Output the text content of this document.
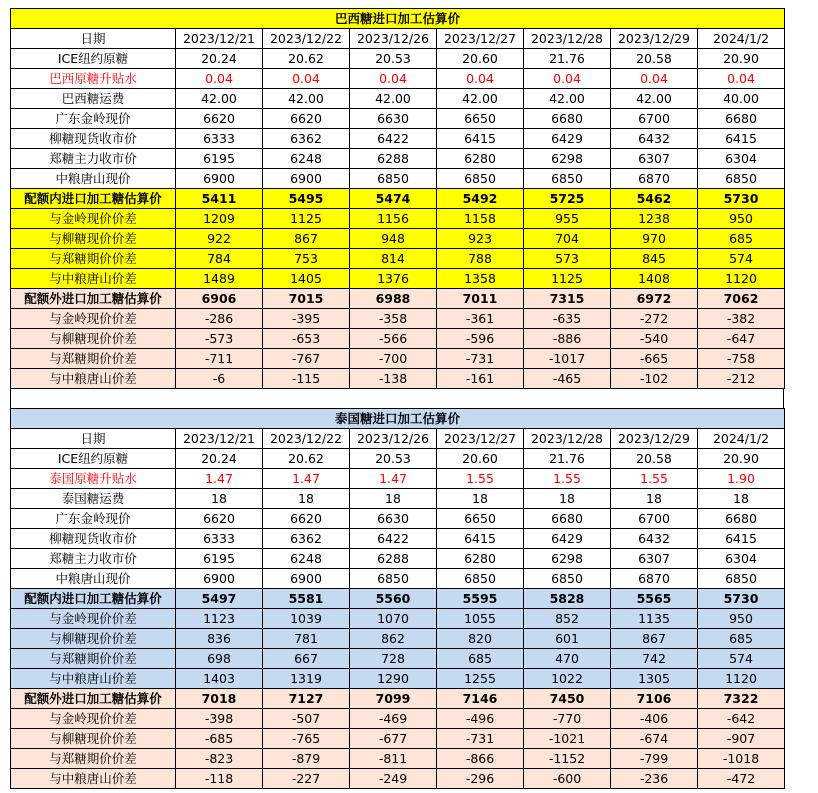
巴西糖进口加工估算价							
日期	2023/12/21	2023/12/22	2023/12/26	2023/12/27	2023/12/28	2023/12/29	2024/1/2
ICE纽约原糖	20.24	20.62	20.53	20.60	21.76	20.58	20.90
巴西原糖升贴水	0.04	0.04	0.04	0.04	0.04	0.04	0.04
巴西糖运费	42.00	42.00	42.00	42.00	42.00	42.00	40.00
广东金岭现价	6620	6620	6630	6650	6680	6700	6680
柳糖现货收市价	6333	6362	6422	6415	6429	6432	6415
郑糖主力收市价	6195	6248	6288	6280	6298	6307	6304
中粮唐山现价	6900	6900	6850	6850	6850	6870	6850
配额内进口加工糖估算价	5411	5495	5474	5492	5725	5462	5730
与金岭现价价差	1209	1125	1156	1158	955	1238	950
与柳糖现价价差	922	867	948	923	704	970	685
与郑糖期价价差	784	753	814	788	573	845	574
与中粮唐山价差	1489	1405	1376	1358	1125	1408	1120
配额外进口加工糖估算价	6906	7015	6988	7011	7315	6972	7062
与金岭现价价差	-286	-395	-358	-361	-635	-272	-382
与柳糖现价价差	-573	-653	-566	-596	-886	-540	-647
与郑糖期价价差	-711	-767	-700	-731	-1017	-665	-758
与中粮唐山价差	-6	-115	-138	-161	-465	-102	-212
泰国糖进口加工估算价							
日期	2023/12/21	2023/12/22	2023/12/26	2023/12/27	2023/12/28	2023/12/29	2024/1/2
ICE纽约原糖	20.24	20.62	20.53	20.60	21.76	20.58	20.90
泰国原糖升贴水	1.47	1.47	1.47	1.55	1.55	1.55	1.90
泰国糖运费	18	18	18	18	18	18	18
广东金岭现价	6620	6620	6630	6650	6680	6700	6680
柳糖现货收市价	6333	6362	6422	6415	6429	6432	6415
郑糖主力收市价	6195	6248	6288	6280	6298	6307	6304
中粮唐山现价	6900	6900	6850	6850	6850	6870	6850
配额内进口加工糖估算价	5497	5581	5560	5595	5828	5565	5730
与金岭现价价差	1123	1039	1070	1055	852	1135	950
与柳糖现价价差	836	781	862	820	601	867	685
与郑糖期价价差	698	667	728	685	470	742	574
与中粮唐山价差	1403	1319	1290	1255	1022	1305	1120
配额外进口加工糖估算价	7018	7127	7099	7146	7450	7106	7322
与金岭现价价差	-398	-507	-469	-496	-770	-406	-642
与柳糖现价价差	-685	-765	-677	-731	-1021	-674	-907
与郑糖期价价差	-823	-879	-811	-866	-1152	-799	-1018
与中粮唐山价差	-118	-227	-249	-296	-600	-236	-472
